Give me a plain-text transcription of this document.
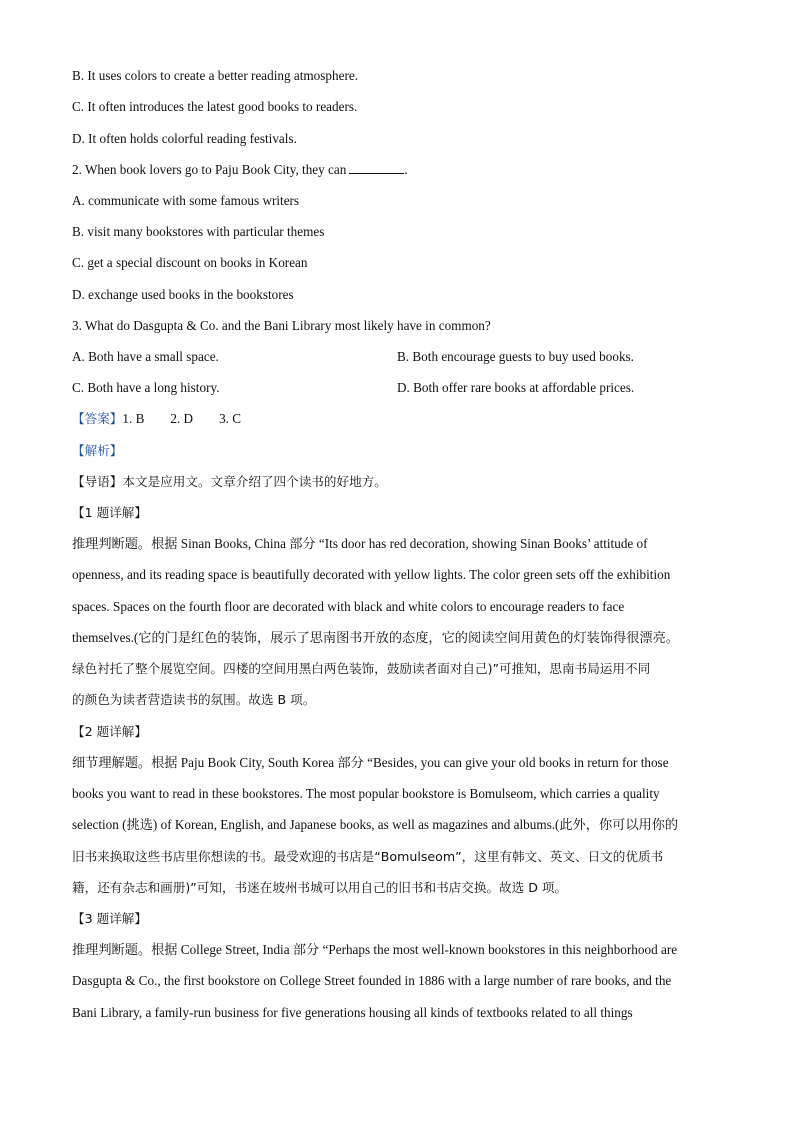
B. It uses colors to create a better reading atmosphere.
C. It often introduces the latest good books to readers.
D. It often holds colorful reading festivals.
2. When book lovers go to Paju Book City, they can	.
A. communicate with some famous writers
B. visit many bookstores with particular themes
C. get a special discount on books in Korean
D. exchange used books in the bookstores
3. What do Dasgupta & Co. and the Bani Library most likely have in common?
A. Both have a small space.	B. Both encourage guests to buy used books.
C. Both have a long history.	D. Both offer rare books at affordable prices.
【答案】1. B 2. D 3. C
【解析】
【导语】本文是应用文。文章介绍了四个读书的好地方。
【1 题详解】
推理判断题。根据 Sinan Books, China 部分 “Its door has red decoration, showing Sinan Books’ attitude of
openness, and its reading space is beautifully decorated with yellow lights. The color green sets off the exhibition
spaces. Spaces on the fourth floor are decorated with black and white colors to encourage readers to face
themselves.(它的门是红色的装饰，展示了思南图书开放的态度，它的阅读空间用黄色的灯装饰得很漂亮。
绿色衬托了整个展览空间。四楼的空间用黑白两色装饰，鼓励读者面对自己)”可推知，思南书局运用不同
的颜色为读者营造读书的氛围。故选 B 项。
【2 题详解】
细节理解题。根据 Paju Book City, South Korea 部分 “Besides, you can give your old books in return for those
books you want to read in these bookstores. The most popular bookstore is Bomulseom, which carries a quality
selection (挑选) of Korean, English, and Japanese books, as well as magazines and albums.(此外，你可以用你的
旧书来换取这些书店里你想读的书。最受欢迎的书店是“Bomulseom”，这里有韩文、英文、日文的优质书
籍，还有杂志和画册)”可知，书迷在坡州书城可以用自己的旧书和书店交换。故选 D 项。
【3 题详解】
推理判断题。根据 College Street, India 部分 “Perhaps the most well-known bookstores in this neighborhood are
Dasgupta & Co., the first bookstore on College Street founded in 1886 with a large number of rare books, and the
Bani Library, a family-run business for five generations housing all kinds of textbooks related to all things
